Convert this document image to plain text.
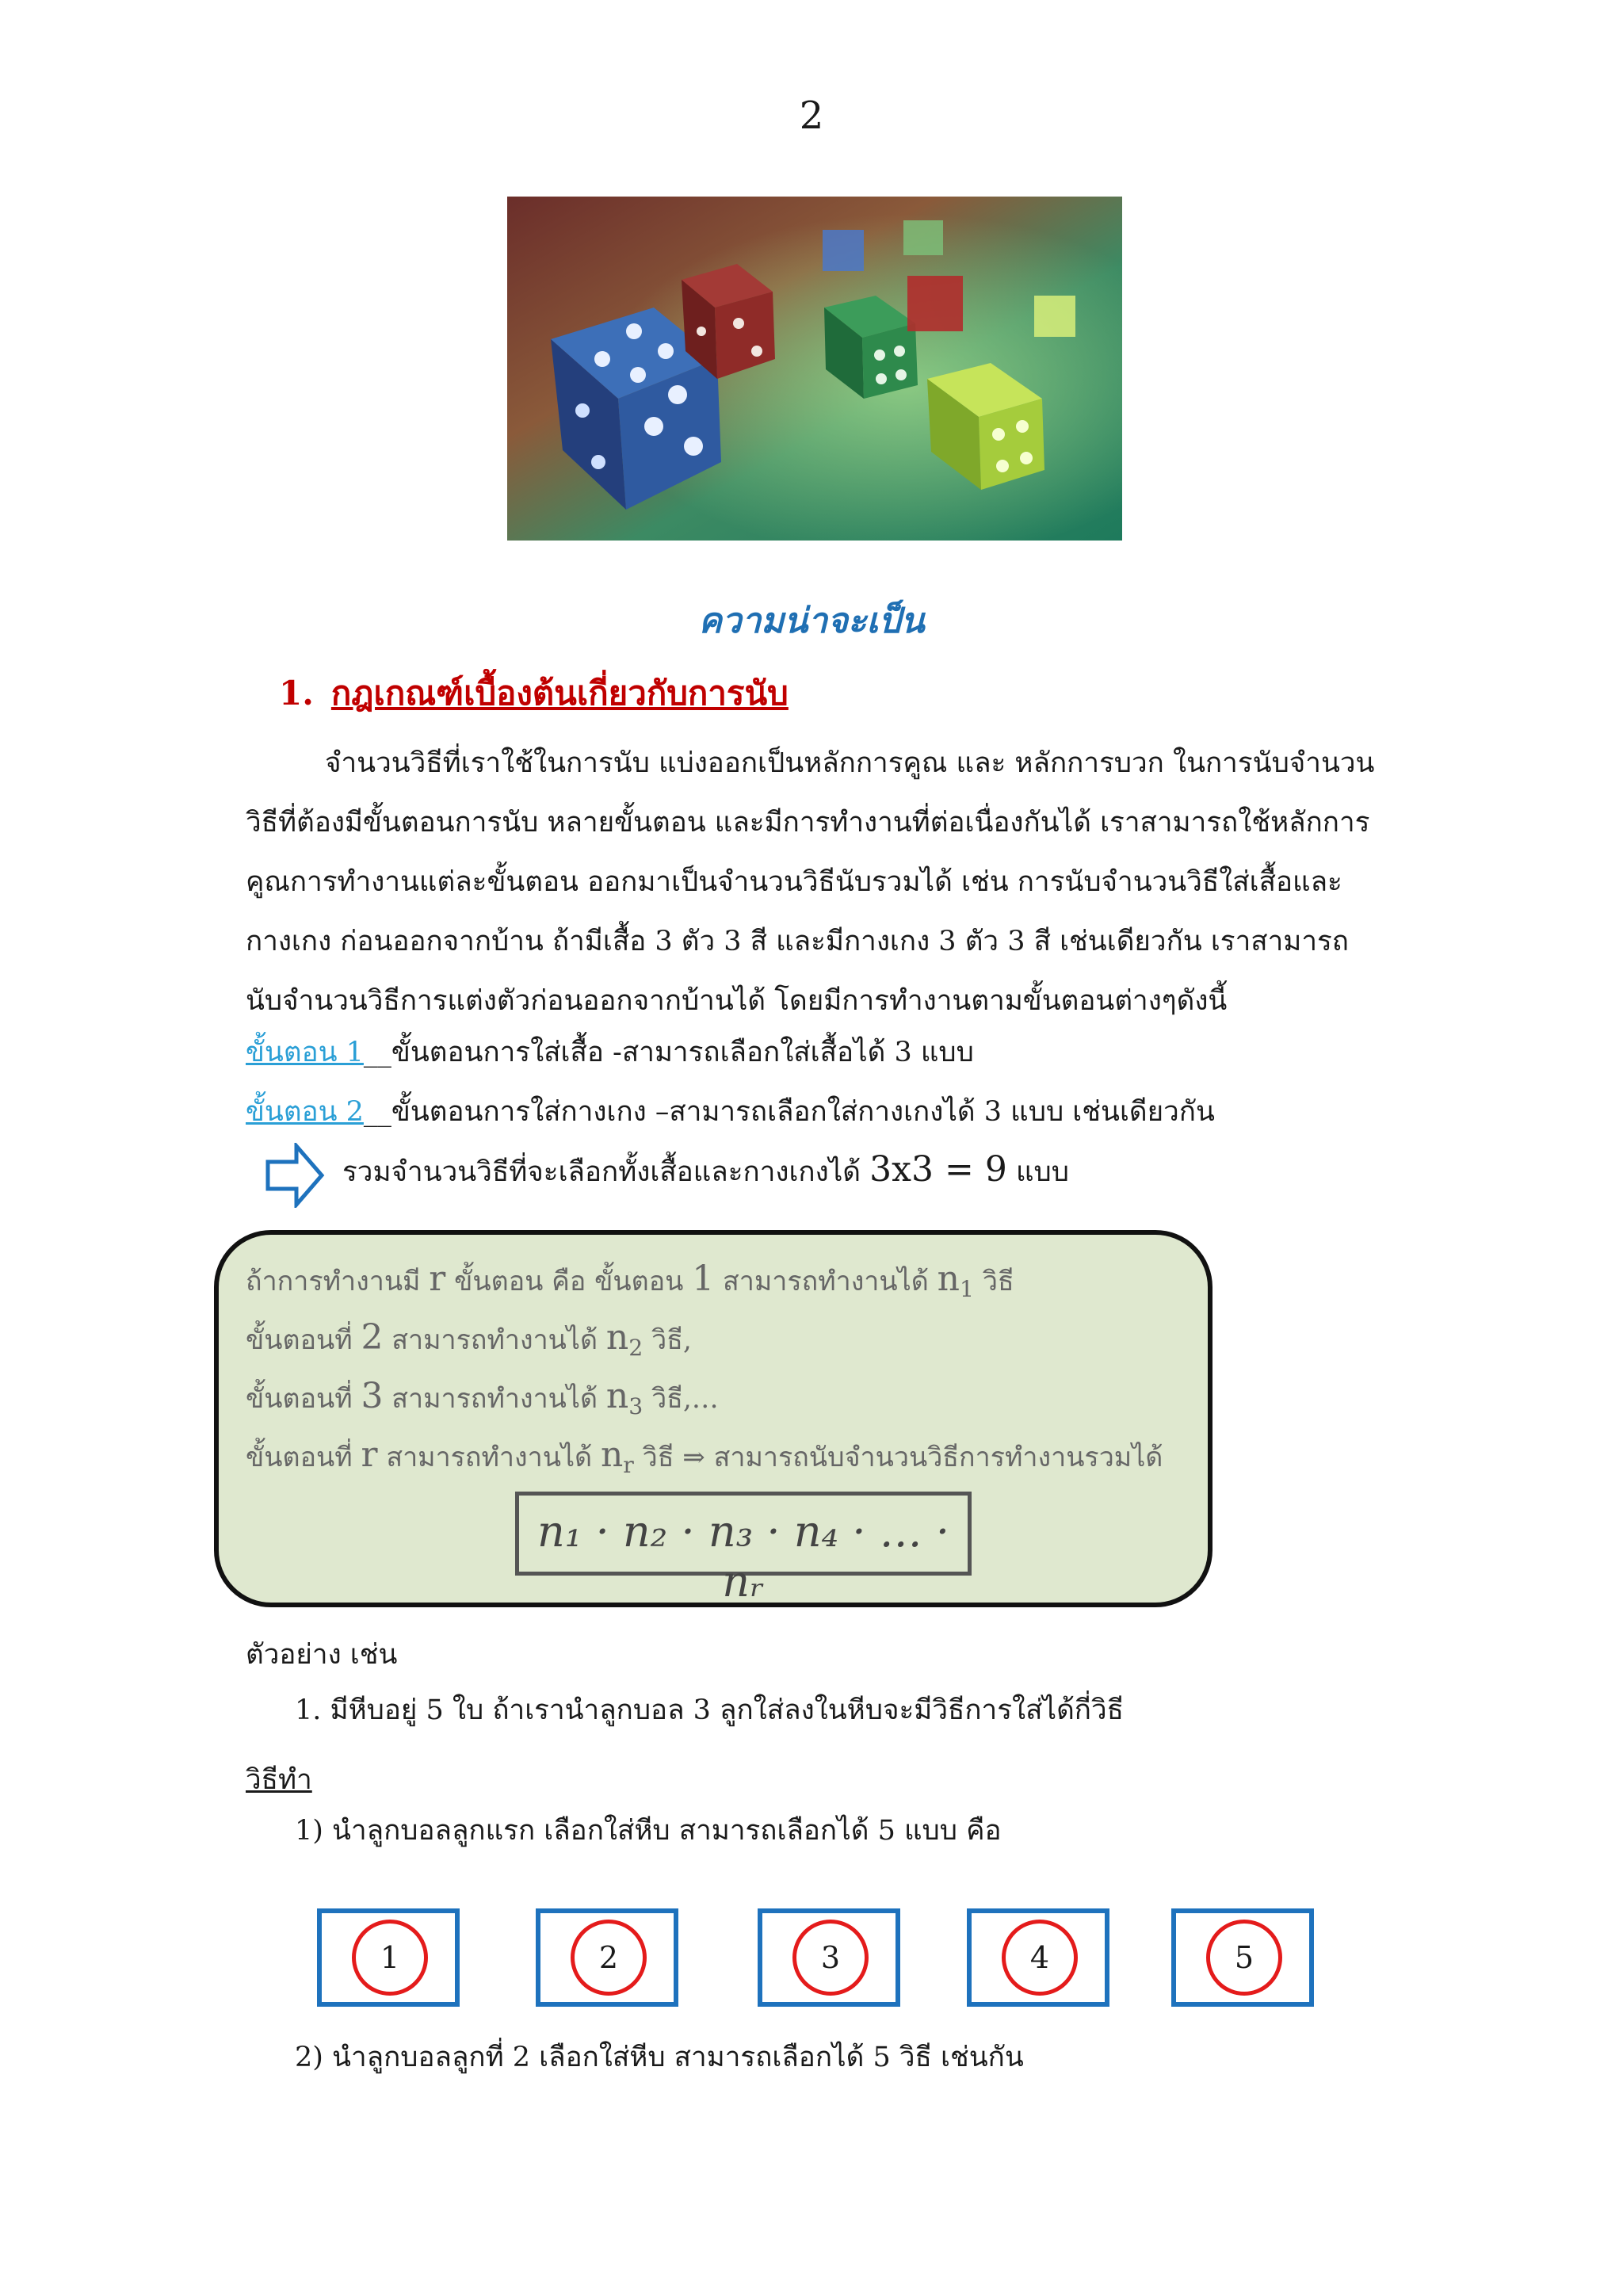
2
ความน่าจะเป็น
1. กฎเกณฑ์เบื้องต้นเกี่ยวกับการนับ

จำนวนวิธีที่เราใช้ในการนับ แบ่งออกเป็นหลักการคูณ และ หลักการบวก ในการนับจำนวน

วิธีที่ต้องมีขั้นตอนการนับ หลายขั้นตอน และมีการทำงานที่ต่อเนื่องกันได้ เราสามารถใช้หลักการ

คูณการทำงานแต่ละขั้นตอน ออกมาเป็นจำนวนวิธีนับรวมได้ เช่น การนับจำนวนวิธีใส่เสื้อและ

กางเกง ก่อนออกจากบ้าน ถ้ามีเสื้อ 3 ตัว 3 สี และมีกางเกง 3 ตัว 3 สี เช่นเดียวกัน เราสามารถ

นับจำนวนวิธีการแต่งตัวก่อนออกจากบ้านได้ โดยมีการทำงานตามขั้นตอนต่างๆดังนี้

ขั้นตอน 1__ขั้นตอนการใส่เสื้อ -สามารถเลือกใส่เสื้อได้ 3 แบบ
ขั้นตอน 2__ขั้นตอนการใส่กางเกง –สามารถเลือกใส่กางเกงได้ 3 แบบ เช่นเดียวกัน
รวมจำนวนวิธีที่จะเลือกทั้งเสื้อและกางเกงได้ 3x3 = 9 แบบ
ถ้าการทำงานมี r ขั้นตอน คือ ขั้นตอน 1 สามารถทำงานได้ $n_1$ วิธี
ขั้นตอนที่ 2 สามารถทำงานได้ $n_2$ วิธี,
ขั้นตอนที่ 3 สามารถทำงานได้ $n_3$ วิธี,…
ขั้นตอนที่ r สามารถทำงานได้ $n_r$ วิธี ⇒ สามารถนับจำนวนวิธีการทำงานรวมได้
n₁ · n₂ · n₃ · n₄ · … · nᵣ
ตัวอย่าง เช่น
1. มีหีบอยู่ 5 ใบ ถ้าเรานำลูกบอล 3 ลูกใส่ลงในหีบจะมีวิธีการใส่ได้กี่วิธี
วิธีทำ
1) นำลูกบอลลูกแรก เลือกใส่หีบ สามารถเลือกได้ 5 แบบ คือ
1	2	3	4	5
2) นำลูกบอลลูกที่ 2 เลือกใส่หีบ สามารถเลือกได้ 5 วิธี เช่นกัน
